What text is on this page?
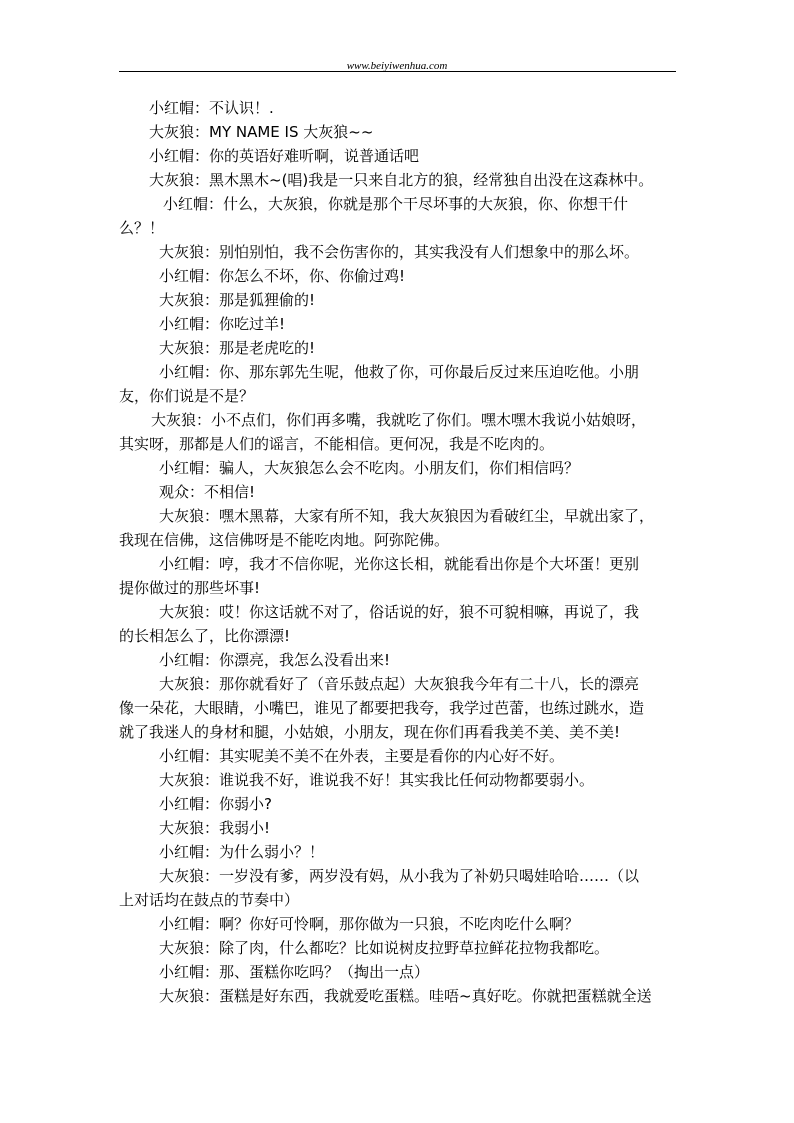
www.beiyiwenhua.com
小红帽：不认识！.
大灰狼：MY NAME IS 大灰狼~~
小红帽：你的英语好难听啊，说普通话吧
大灰狼：黑木黑木~(唱)我是一只来自北方的狼，经常独自出没在这森林中。
小红帽：什么，大灰狼，你就是那个干尽坏事的大灰狼，你、你想干什
么？！
大灰狼：别怕别怕，我不会伤害你的，其实我没有人们想象中的那么坏。
小红帽：你怎么不坏，你、你偷过鸡!
大灰狼：那是狐狸偷的!
小红帽：你吃过羊!
大灰狼：那是老虎吃的!
小红帽：你、那东郭先生呢，他救了你，可你最后反过来压迫吃他。小朋
友，你们说是不是？
大灰狼：小不点们，你们再多嘴，我就吃了你们。嘿木嘿木我说小姑娘呀，
其实呀，那都是人们的谣言，不能相信。更何况，我是不吃肉的。
小红帽：骗人，大灰狼怎么会不吃肉。小朋友们，你们相信吗？
观众：不相信!
大灰狼：嘿木黑幕，大家有所不知，我大灰狼因为看破红尘，早就出家了，
我现在信佛，这信佛呀是不能吃肉地。阿弥陀佛。
小红帽：哼，我才不信你呢，光你这长相，就能看出你是个大坏蛋！更别
提你做过的那些坏事!
大灰狼：哎！你这话就不对了，俗话说的好，狼不可貌相嘛，再说了，我
的长相怎么了，比你漂漂!
小红帽：你漂亮，我怎么没看出来!
大灰狼：那你就看好了（音乐鼓点起）大灰狼我今年有二十八，长的漂亮
像一朵花，大眼睛，小嘴巴，谁见了都要把我夸，我学过芭蕾，也练过跳水，造
就了我迷人的身材和腿，小姑娘，小朋友，现在你们再看我美不美、美不美!
小红帽：其实呢美不美不在外表，主要是看你的内心好不好。
大灰狼：谁说我不好，谁说我不好！其实我比任何动物都要弱小。
小红帽：你弱小?
大灰狼：我弱小!
小红帽：为什么弱小？！
大灰狼：一岁没有爹，两岁没有妈，从小我为了补奶只喝娃哈哈……（以
上对话均在鼓点的节奏中）
小红帽：啊？你好可怜啊，那你做为一只狼，不吃肉吃什么啊？
大灰狼：除了肉，什么都吃？比如说树皮拉野草拉鲜花拉物我都吃。
小红帽：那、蛋糕你吃吗？（掏出一点）
大灰狼：蛋糕是好东西，我就爱吃蛋糕。哇唔~真好吃。你就把蛋糕就全送
